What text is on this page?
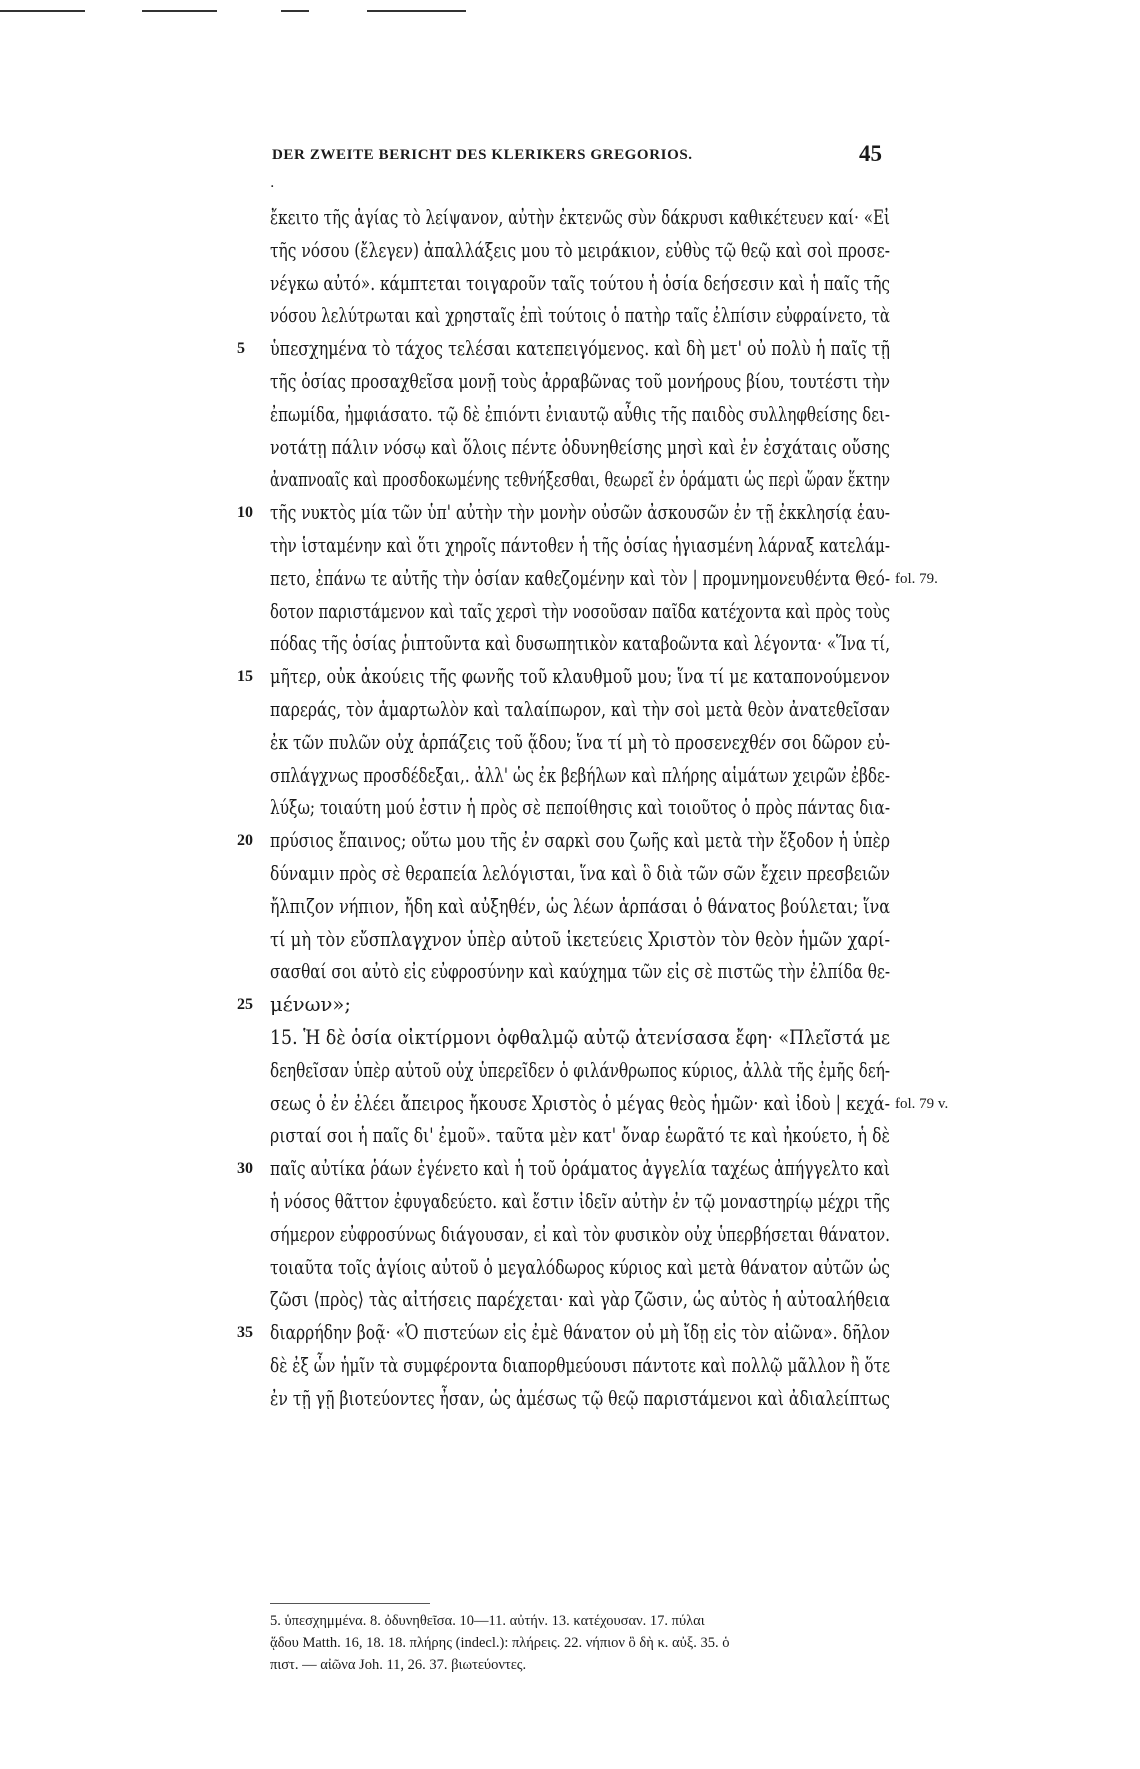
DER ZWEITE BERICHT DES KLERIKERS GREGORIOS.	45
.
ἔκειτο τῆς ἁγίας τὸ λείψανον, αὐτὴν ἐκτενῶς σὺν δάκρυσι καθικέτευεν καί· «Εἰ
τῆς νόσου (ἔλεγεν) ἀπαλλάξεις μου τὸ μειράκιον, εὐθὺς τῷ θεῷ καὶ σοὶ προσε-
νέγκω αὐτό». κάμπτεται τοιγαροῦν ταῖς τούτου ἡ ὁσία δεήσεσιν καὶ ἡ παῖς τῆς
νόσου λελύτρωται καὶ χρησταῖς ἐπὶ τούτοις ὁ πατὴρ ταῖς ἐλπίσιν εὐφραίνετο, τὰ
5 ὑπεσχημένα τὸ τάχος τελέσαι κατεπειγόμενος. καὶ δὴ μετ' οὐ πολὺ ἡ παῖς τῇ
τῆς ὁσίας προσαχθεῖσα μονῇ τοὺς ἀρραβῶνας τοῦ μονήρους βίου, τουτέστι τὴν
ἐπωμίδα, ἠμφιάσατο. τῷ δὲ ἐπιόντι ἐνιαυτῷ αὖθις τῆς παιδὸς συλληφθείσης δει-
νοτάτῃ πάλιν νόσῳ καὶ ὅλοις πέντε ὀδυνηθείσης μησὶ καὶ ἐν ἐσχάταις οὔσης
ἀναπνοαῖς καὶ προσδοκωμένης τεθνήξεσθαι, θεωρεῖ ἐν ὁράματι ὡς περὶ ὥραν ἕκτην
10 τῆς νυκτὸς μία τῶν ὑπ' αὐτὴν τὴν μονὴν οὐσῶν ἀσκουσῶν ἐν τῇ ἐκκλησίᾳ ἑαυ-
τὴν ἱσταμένην καὶ ὅτι χηροῖς πάντοθεν ἡ τῆς ὁσίας ἡγιασμένη λάρναξ κατελάμ-
πετο, ἐπάνω τε αὐτῆς τὴν ὁσίαν καθεζομένην καὶ τὸν | προμνημονευθέντα Θεό- fol. 79.
δοτον παριστάμενον καὶ ταῖς χερσὶ τὴν νοσοῦσαν παῖδα κατέχοντα καὶ πρὸς τοὺς
πόδας τῆς ὁσίας ῥιπτοῦντα καὶ δυσωπητικὸν καταβοῶντα καὶ λέγοντα· «Ἵνα τί,
15 μῆτερ, οὐκ ἀκούεις τῆς φωνῆς τοῦ κλαυθμοῦ μου; ἵνα τί με καταπονούμενον
παρεράς, τὸν ἁμαρτωλὸν καὶ ταλαίπωρον, καὶ τὴν σοὶ μετὰ θεὸν ἀνατεθεῖσαν
ἐκ τῶν πυλῶν οὐχ ἁρπάζεις τοῦ ᾅδου; ἵνα τί μὴ τὸ προσενεχθέν σοι δῶρον εὐ-
σπλάγχνως προσδέδεξαι,. ἀλλ' ὡς ἐκ βεβήλων καὶ πλήρης αἱμάτων χειρῶν ἐβδε-
λύξω; τοιαύτη μού ἐστιν ἡ πρὸς σὲ πεποίθησις καὶ τοιοῦτος ὁ πρὸς πάντας δια-
20 πρύσιος ἔπαινος; οὕτω μου τῆς ἐν σαρκὶ σου ζωῆς καὶ μετὰ τὴν ἔξοδον ἡ ὑπὲρ
δύναμιν πρὸς σὲ θεραπεία λελόγισται, ἵνα καὶ ὃ διὰ τῶν σῶν ἔχειν πρεσβειῶν
ἤλπιζον νήπιον, ἤδη καὶ αὐξηθέν, ὡς λέων ἁρπάσαι ὁ θάνατος βούλεται; ἵνα
τί μὴ τὸν εὔσπλαγχνον ὑπὲρ αὐτοῦ ἱκετεύεις Χριστὸν τὸν θεὸν ἡμῶν χαρί-
σασθαί σοι αὐτὸ εἰς εὐφροσύνην καὶ καύχημα τῶν εἰς σὲ πιστῶς τὴν ἐλπίδα θε-
25 μένων»;
15. Ἡ δὲ ὁσία οἰκτίρμονι ὀφθαλμῷ αὐτῷ ἀτενίσασα ἔφη· «Πλεῖστά με
δεηθεῖσαν ὑπὲρ αὐτοῦ οὐχ ὑπερεῖδεν ὁ φιλάνθρωπος κύριος, ἀλλὰ τῆς ἐμῆς δεή-
σεως ὁ ἐν ἐλέει ἄπειρος ἤκουσε Χριστὸς ὁ μέγας θεὸς ἡμῶν· καὶ ἰδοὺ | κεχά- fol. 79 v.
ρισταί σοι ἡ παῖς δι' ἐμοῦ». ταῦτα μὲν κατ' ὄναρ ἑωρᾶτό τε καὶ ἠκούετο, ἡ δὲ
30 παῖς αὐτίκα ῥάων ἐγένετο καὶ ἡ τοῦ ὁράματος ἀγγελία ταχέως ἀπήγγελτο καὶ
ἡ νόσος θᾶττον ἐφυγαδεύετο. καὶ ἔστιν ἰδεῖν αὐτὴν ἐν τῷ μοναστηρίῳ μέχρι τῆς
σήμερον εὐφροσύνως διάγουσαν, εἰ καὶ τὸν φυσικὸν οὐχ ὑπερβήσεται θάνατον.
τοιαῦτα τοῖς ἁγίοις αὐτοῦ ὁ μεγαλόδωρος κύριος καὶ μετὰ θάνατον αὐτῶν ὡς
ζῶσι ⟨πρὸς⟩ τὰς αἰτήσεις παρέχεται· καὶ γὰρ ζῶσιν, ὡς αὐτὸς ἡ αὐτοαλήθεια
35 διαρρήδην βοᾷ· «Ὁ πιστεύων εἰς ἐμὲ θάνατον οὐ μὴ ἴδῃ εἰς τὸν αἰῶνα». δῆλον
δὲ ἐξ ὧν ἡμῖν τὰ συμφέροντα διαπορθμεύουσι πάντοτε καὶ πολλῷ μᾶλλον ἢ ὅτε
ἐν τῇ γῇ βιοτεύοντες ἦσαν, ὡς ἀμέσως τῷ θεῷ παριστάμενοι καὶ ἀδιαλείπτως
5. ὑπεσχημμένα. 8. ὀδυνηθεῖσα. 10—11. αὐτήν. 13. κατέχουσαν. 17. πύλαι
ᾅδου Matth. 16, 18. 18. πλήρης (indecl.): πλήρεις. 22. νήπιον ὃ δὴ κ. αὐξ. 35. ὁ
πιστ. — αἰῶνα Joh. 11, 26. 37. βιωτεύοντες.
